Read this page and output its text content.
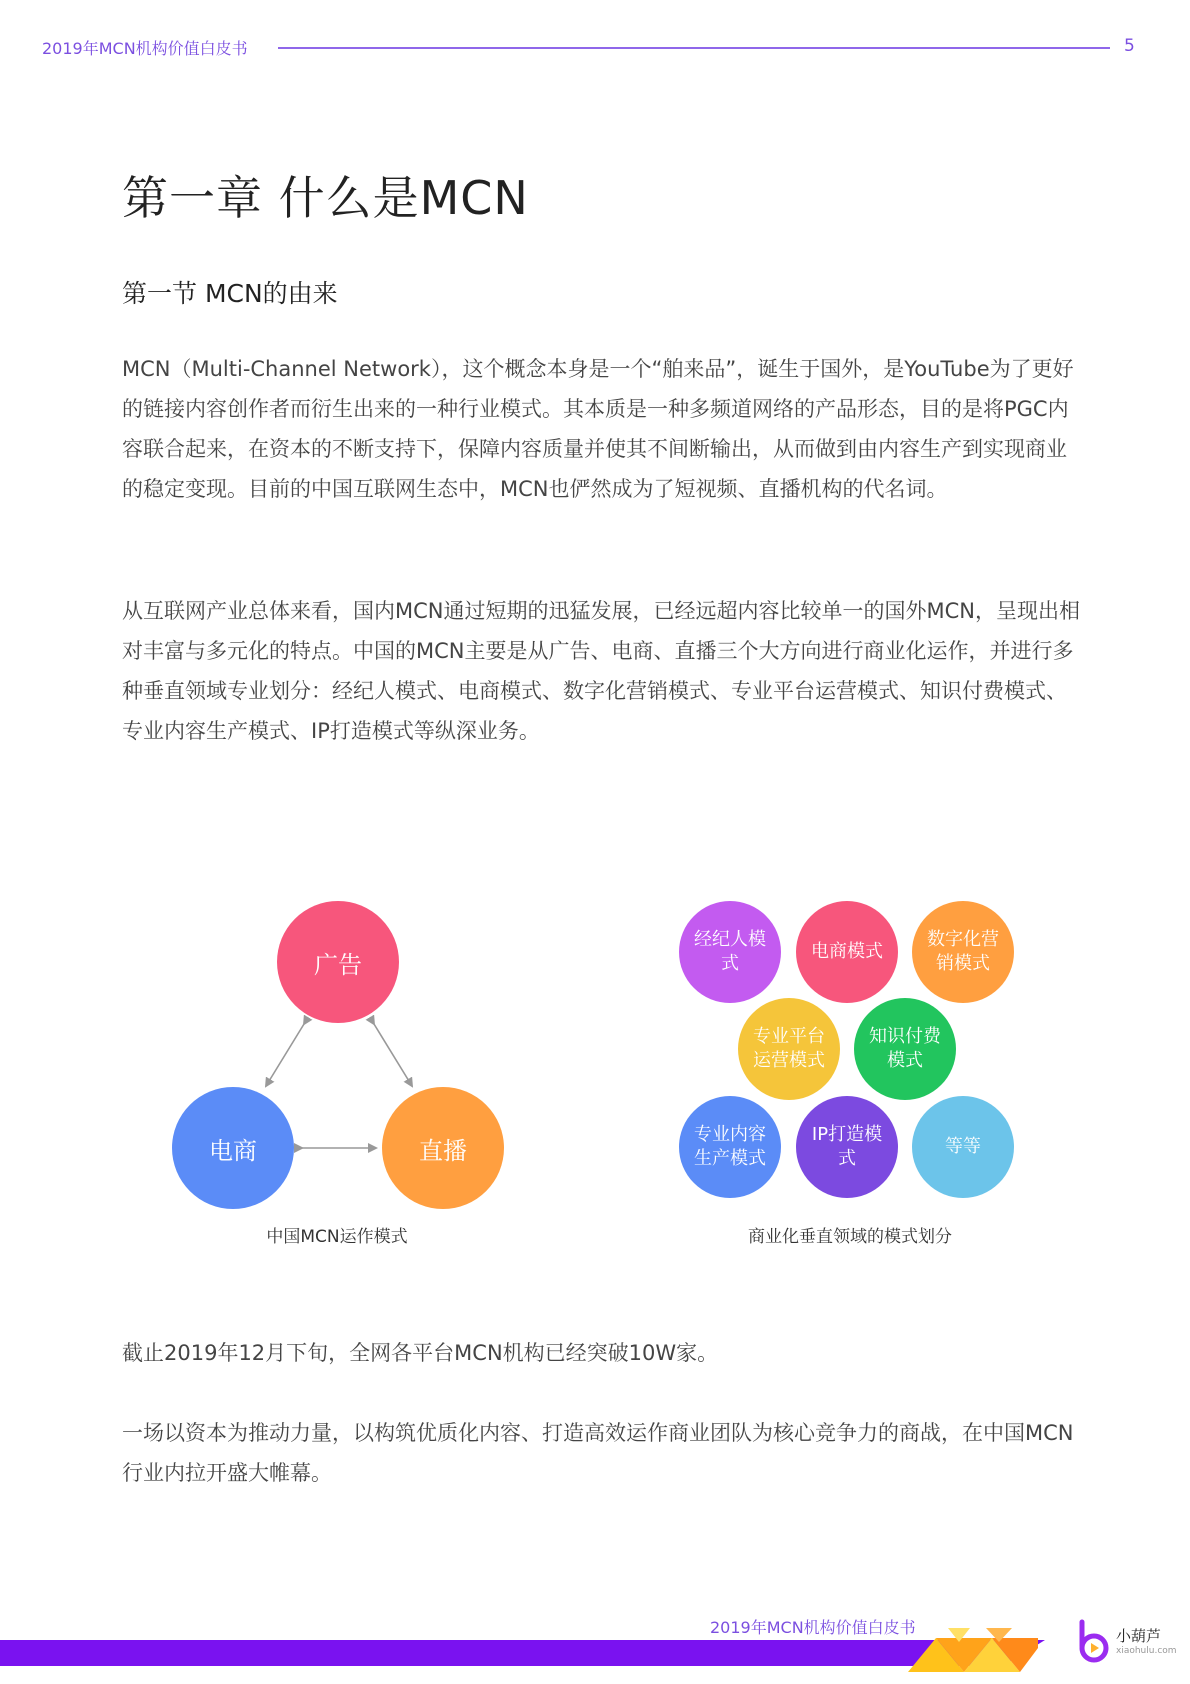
2019年MCN机构价值白皮书	5
第一章 什么是MCN
第一节 MCN的由来

MCN（Multi-Channel Network），这个概念本身是一个“舶来品”，诞生于国外，是YouTube为了更好的链接内容创作者而衍生出来的一种行业模式。其本质是一种多频道网络的产品形态，目的是将PGC内容联合起来，在资本的不断支持下，保障内容质量并使其不间断输出，从而做到由内容生产到实现商业的稳定变现。目前的中国互联网生态中，MCN也俨然成为了短视频、直播机构的代名词。

从互联网产业总体来看，国内MCN通过短期的迅猛发展，已经远超内容比较单一的国外MCN，呈现出相对丰富与多元化的特点。中国的MCN主要是从广告、电商、直播三个大方向进行商业化运作，并进行多种垂直领域专业划分：经纪人模式、电商模式、数字化营销模式、专业平台运营模式、知识付费模式、专业内容生产模式、IP打造模式等纵深业务。

广告
电商	直播
中国MCN运作模式
经纪人模式
电商模式
数字化营销模式
专业平台运营模式
知识付费模式
专业内容生产模式
IP打造模式
等等
商业化垂直领域的模式划分

截止2019年12月下旬，全网各平台MCN机构已经突破10W家。

一场以资本为推动力量，以构筑优质化内容、打造高效运作商业团队为核心竞争力的商战，在中国MCN行业内拉开盛大帷幕。

2019年MCN机构价值白皮书	小葫芦
xiaohulu.com
